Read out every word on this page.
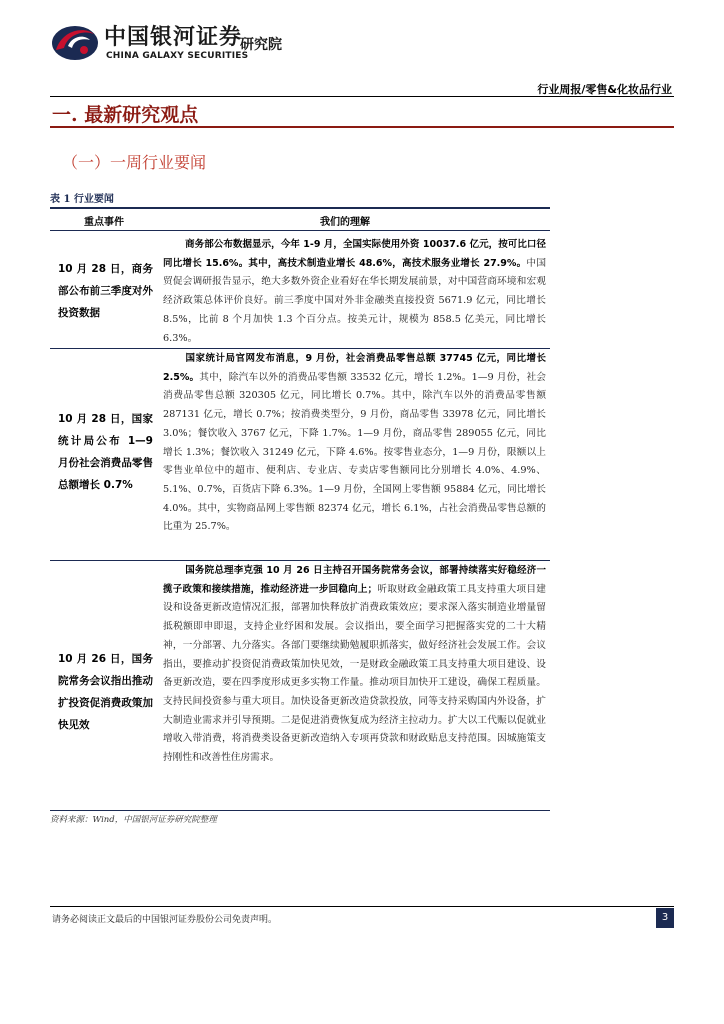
中国银河证券
CHINA GALAXY SECURITIES
研究院
行业周报/零售&化妆品行业
一. 最新研究观点
（一）一周行业要闻
表 1 行业要闻
重点事件	我们的理解
10 月 28 日，商务部公布前三季度对外投资数据
商务部公布数据显示，今年 1-9 月，全国实际使用外资 10037.6 亿元，按可比口径同比增长 15.6%。其中，高技术制造业增长 48.6%，高技术服务业增长 27.9%。中国贸促会调研报告显示，绝大多数外资企业看好在华长期发展前景，对中国营商环境和宏观经济政策总体评价良好。前三季度中国对外非金融类直接投资 5671.9 亿元，同比增长 8.5%，比前 8 个月加快 1.3 个百分点。按美元计，规模为 858.5 亿美元，同比增长 6.3%。
10 月 28 日，国家统计局公布 1—9 月份社会消费品零售总额增长 0.7%
国家统计局官网发布消息，9 月份，社会消费品零售总额 37745 亿元，同比增长 2.5%。其中，除汽车以外的消费品零售额 33532 亿元，增长 1.2%。1—9 月份，社会消费品零售总额 320305 亿元，同比增长 0.7%。其中，除汽车以外的消费品零售额 287131 亿元，增长 0.7%；按消费类型分，9 月份，商品零售 33978 亿元，同比增长 3.0%；餐饮收入 3767 亿元，下降 1.7%。1—9 月份，商品零售 289055 亿元，同比增长 1.3%；餐饮收入 31249 亿元，下降 4.6%。按零售业态分，1—9 月份，限额以上零售业单位中的超市、便利店、专业店、专卖店零售额同比分别增长 4.0%、4.9%、5.1%、0.7%，百货店下降 6.3%。1—9 月份，全国网上零售额 95884 亿元，同比增长 4.0%。其中，实物商品网上零售额 82374 亿元，增长 6.1%，占社会消费品零售总额的比重为 25.7%。
10 月 26 日，国务院常务会议指出推动扩投资促消费政策加快见效
国务院总理李克强 10 月 26 日主持召开国务院常务会议，部署持续落实好稳经济一揽子政策和接续措施，推动经济进一步回稳向上；听取财政金融政策工具支持重大项目建设和设备更新改造情况汇报，部署加快释放扩消费政策效应；要求深入落实制造业增量留抵税额即申即退，支持企业纾困和发展。会议指出，要全面学习把握落实党的二十大精神，一分部署、九分落实。各部门要继续勤勉履职抓落实，做好经济社会发展工作。会议指出，要推动扩投资促消费政策加快见效，一是财政金融政策工具支持重大项目建设、设备更新改造，要在四季度形成更多实物工作量。推动项目加快开工建设，确保工程质量。支持民间投资参与重大项目。加快设备更新改造贷款投放，同等支持采购国内外设备，扩大制造业需求并引导预期。二是促进消费恢复成为经济主拉动力。扩大以工代赈以促就业增收入带消费，将消费类设备更新改造纳入专项再贷款和财政贴息支持范围。因城施策支持刚性和改善性住房需求。
资料来源：Wind，中国银河证券研究院整理
请务必阅读正文最后的中国银河证券股份公司免责声明。	3
